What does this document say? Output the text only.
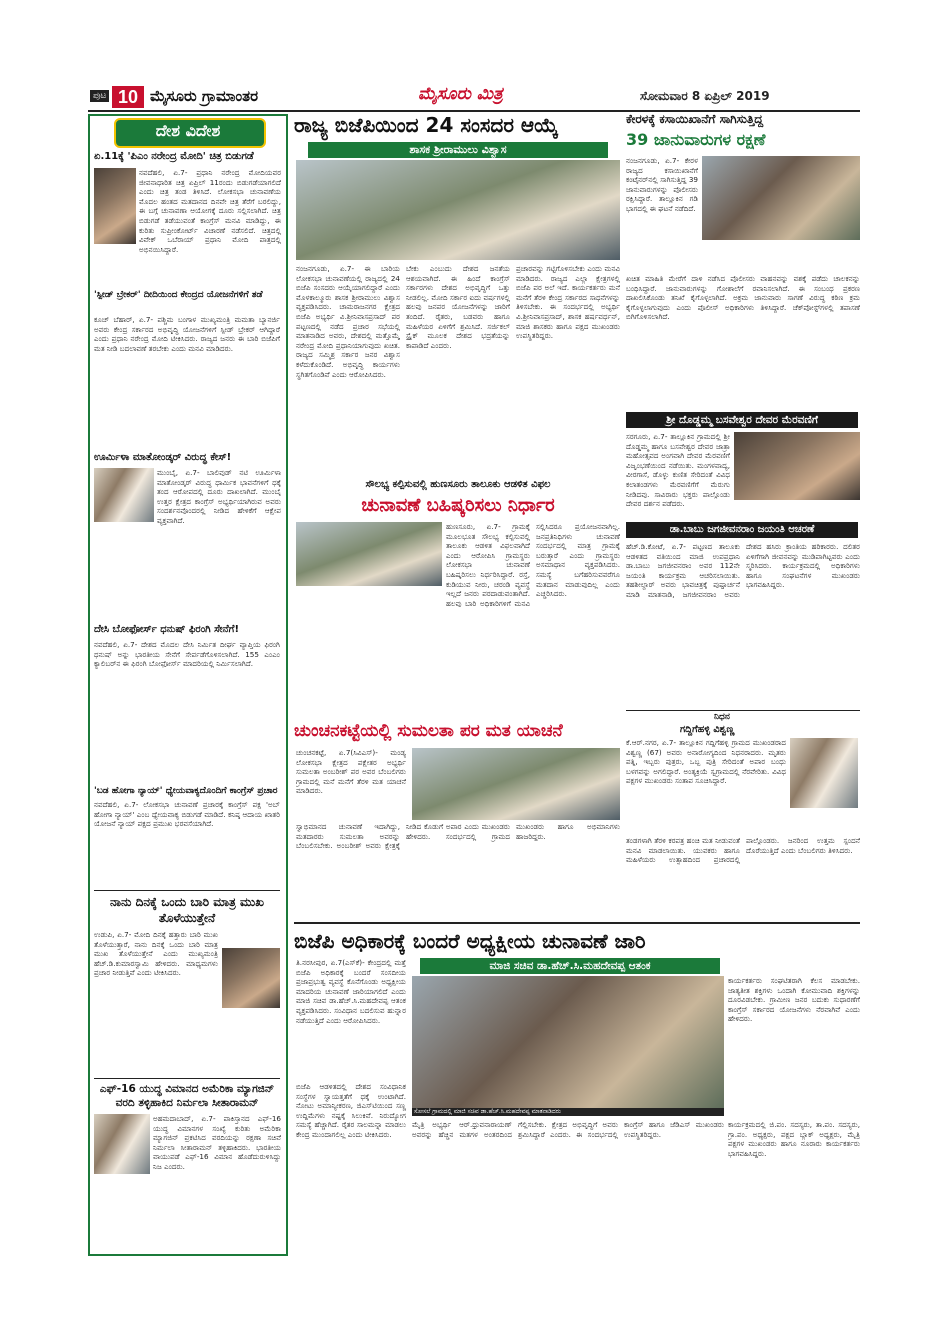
ಪುಟ 10 ಮೈಸೂರು ಗ್ರಾಮಾಂತರ	ಮೈಸೂರು ಮಿತ್ರ	ಸೋಮವಾರ 8 ಏಪ್ರಿಲ್ 2019
ದೇಶ ವಿದೇಶ
ಏ.11ಕ್ಕೆ 'ಪಿಎಂ ನರೇಂದ್ರ ಮೋದಿ' ಚಿತ್ರ ಬಿಡುಗಡೆ
ನವದೆಹಲಿ, ಏ.7- ಪ್ರಧಾನಿ ನರೇಂದ್ರ ಮೋದಿಯವರ ಜೀವನಾಧಾರಿತ ಚಿತ್ರ ಏಪ್ರಿಲ್ 11ರಂದು ಬಿಡುಗಡೆಯಾಗಲಿದೆ ಎಂದು ಚಿತ್ರ ತಂಡ ತಿಳಿಸಿದೆ. ಲೋಕಸಭಾ ಚುನಾವಣೆಯ ಮೊದಲ ಹಂತದ ಮತದಾನದ ದಿನವೇ ಚಿತ್ರ ತೆರೆಗೆ ಬರಲಿದ್ದು, ಈ ಬಗ್ಗೆ ಚುನಾವಣಾ ಆಯೋಗಕ್ಕೆ ದೂರು ಸಲ್ಲಿಸಲಾಗಿದೆ. ಚಿತ್ರ ಬಿಡುಗಡೆ ತಡೆಯುವಂತೆ ಕಾಂಗ್ರೆಸ್ ಮನವಿ ಮಾಡಿದ್ದು, ಈ ಕುರಿತು ಸುಪ್ರೀಂಕೋರ್ಟ್ ವಿಚಾರಣೆ ನಡೆಸಲಿದೆ. ಚಿತ್ರದಲ್ಲಿ ವಿವೇಕ್ ಒಬೆರಾಯ್ ಪ್ರಧಾನಿ ಮೋದಿ ಪಾತ್ರದಲ್ಲಿ ಅಭಿನಯಿಸಿದ್ದಾರೆ.
'ಸ್ಪೀಡ್ ಬ್ರೇಕರ್' ದೀದಿಯಿಂದ ಕೇಂದ್ರದ ಯೋಜನೆಗಳಿಗೆ ತಡೆ
ಕೂಚ್ ಬೆಹಾರ್, ಏ.7- ಪಶ್ಚಿಮ ಬಂಗಾಳ ಮುಖ್ಯಮಂತ್ರಿ ಮಮತಾ ಬ್ಯಾನರ್ಜಿ ಅವರು ಕೇಂದ್ರ ಸರ್ಕಾರದ ಅಭಿವೃದ್ಧಿ ಯೋಜನೆಗಳಿಗೆ ಸ್ಪೀಡ್ ಬ್ರೇಕರ್ ಆಗಿದ್ದಾರೆ ಎಂದು ಪ್ರಧಾನಿ ನರೇಂದ್ರ ಮೋದಿ ಟೀಕಿಸಿದರು. ರಾಜ್ಯದ ಜನರು ಈ ಬಾರಿ ಬಿಜೆಪಿಗೆ ಮತ ನೀಡಿ ಬದಲಾವಣೆ ತರಬೇಕು ಎಂದು ಮನವಿ ಮಾಡಿದರು.
ಊರ್ಮಿಳಾ ಮಾತೋಂಡ್ಕರ್ ವಿರುದ್ಧ ಕೇಸ್!
ಮುಂಬೈ, ಏ.7- ಬಾಲಿವುಡ್ ನಟಿ ಊರ್ಮಿಳಾ ಮಾತೋಂಡ್ಕರ್ ವಿರುದ್ಧ ಧಾರ್ಮಿಕ ಭಾವನೆಗಳಿಗೆ ಧಕ್ಕೆ ತಂದ ಆರೋಪದಲ್ಲಿ ದೂರು ದಾಖಲಾಗಿದೆ. ಮುಂಬೈ ಉತ್ತರ ಕ್ಷೇತ್ರದ ಕಾಂಗ್ರೆಸ್ ಅಭ್ಯರ್ಥಿಯಾಗಿರುವ ಅವರು ಸಂದರ್ಶನವೊಂದರಲ್ಲಿ ನೀಡಿದ ಹೇಳಿಕೆಗೆ ಆಕ್ಷೇಪ ವ್ಯಕ್ತವಾಗಿದೆ.
ದೇಸಿ ಬೋಫೋರ್ಸ್ ಧನುಷ್ ಫಿರಂಗಿ ಸೇನೆಗೆ!
ನವದೆಹಲಿ, ಏ.7- ದೇಶದ ಮೊದಲ ದೇಸಿ ನಿರ್ಮಿತ ದೀರ್ಘ ವ್ಯಾಪ್ತಿಯ ಫಿರಂಗಿ ಧನುಷ್ ಅನ್ನು ಭಾರತೀಯ ಸೇನೆಗೆ ಸೇರ್ಪಡೆಗೊಳಿಸಲಾಗಿದೆ. 155 ಎಂಎಂ ಕ್ಯಾಲಿಬರ್‌ನ ಈ ಫಿರಂಗಿ ಬೋಫೋರ್ಸ್ ಮಾದರಿಯಲ್ಲಿ ನಿರ್ಮಿಸಲಾಗಿದೆ.
'ಬಡ ಹೋಗಾ ನ್ಯಾಯ್' ಧ್ಯೇಯವಾಕ್ಯದೊಂದಿಗೆ ಕಾಂಗ್ರೆಸ್ ಪ್ರಚಾರ
ನವದೆಹಲಿ, ಏ.7- ಲೋಕಸಭಾ ಚುನಾವಣೆ ಪ್ರಚಾರಕ್ಕೆ ಕಾಂಗ್ರೆಸ್ ಪಕ್ಷ 'ಅಬ್ ಹೋಗಾ ನ್ಯಾಯ್' ಎಂಬ ಧ್ಯೇಯವಾಕ್ಯ ಬಿಡುಗಡೆ ಮಾಡಿದೆ. ಕನಿಷ್ಠ ಆದಾಯ ಖಾತರಿ ಯೋಜನೆ ನ್ಯಾಯ್ ಪಕ್ಷದ ಪ್ರಮುಖ ಭರವಸೆಯಾಗಿದೆ.
ನಾನು ದಿನಕ್ಕೆ ಒಂದು ಬಾರಿ ಮಾತ್ರ ಮುಖ ತೊಳೆಯುತ್ತೇನೆ
ಉಡುಪಿ, ಏ.7- ಮೋದಿ ದಿನಕ್ಕೆ ಹತ್ತಾರು ಬಾರಿ ಮುಖ ತೊಳೆಯುತ್ತಾರೆ, ನಾನು ದಿನಕ್ಕೆ ಒಂದು ಬಾರಿ ಮಾತ್ರ ಮುಖ ತೊಳೆಯುತ್ತೇನೆ ಎಂದು ಮುಖ್ಯಮಂತ್ರಿ ಹೆಚ್.ಡಿ.ಕುಮಾರಸ್ವಾಮಿ ಹೇಳಿದರು. ಮಾಧ್ಯಮಗಳು ಪ್ರಚಾರ ನೀಡುತ್ತಿವೆ ಎಂದು ಟೀಕಿಸಿದರು.
ಎಫ್-16 ಯುದ್ಧ ವಿಮಾನದ ಅಮೆರಿಕಾ ಮ್ಯಾಗಜಿನ್ ವರದಿ ತಳ್ಳಿಹಾಕಿದ ನಿರ್ಮಲಾ ಸೀತಾರಾಮನ್
ಅಹಮದಾಬಾದ್, ಏ.7- ಪಾಕಿಸ್ತಾನದ ಎಫ್-16 ಯುದ್ಧ ವಿಮಾನಗಳ ಸಂಖ್ಯೆ ಕುರಿತು ಅಮೆರಿಕಾ ಮ್ಯಾಗಜಿನ್ ಪ್ರಕಟಿಸಿದ ವರದಿಯನ್ನು ರಕ್ಷಣಾ ಸಚಿವೆ ನಿರ್ಮಲಾ ಸೀತಾರಾಮನ್ ತಳ್ಳಿಹಾಕಿದರು. ಭಾರತೀಯ ವಾಯುಪಡೆ ಎಫ್-16 ವಿಮಾನ ಹೊಡೆದುರುಳಿಸಿದ್ದು ನಿಜ ಎಂದರು.
ರಾಜ್ಯ ಬಿಜೆಪಿಯಿಂದ 24 ಸಂಸದರ ಆಯ್ಕೆ
ಶಾಸಕ ಶ್ರೀರಾಮುಲು ವಿಶ್ವಾಸ
ನಂಜನಗೂಡು, ಏ.7- ಈ ಬಾರಿಯ ಲೋಕಸಭಾ ಚುನಾವಣೆಯಲ್ಲಿ ರಾಜ್ಯದಲ್ಲಿ 24 ಬಿಜೆಪಿ ಸಂಸದರು ಆಯ್ಕೆಯಾಗಲಿದ್ದಾರೆ ಎಂದು ಮೊಳಕಾಲ್ಮೂರು ಶಾಸಕ ಶ್ರೀರಾಮುಲು ವಿಶ್ವಾಸ ವ್ಯಕ್ತಪಡಿಸಿದರು. ಚಾಮರಾಜನಗರ ಕ್ಷೇತ್ರದ ಬಿಜೆಪಿ ಅಭ್ಯರ್ಥಿ ವಿ.ಶ್ರೀನಿವಾಸಪ್ರಸಾದ್ ಪರ ಪಟ್ಟಣದಲ್ಲಿ ನಡೆದ ಪ್ರಚಾರ ಸಭೆಯಲ್ಲಿ ಮಾತನಾಡಿದ ಅವರು, ದೇಶದಲ್ಲಿ ಮತ್ತೊಮ್ಮೆ ನರೇಂದ್ರ ಮೋದಿ ಪ್ರಧಾನಿಯಾಗುವುದು ಖಚಿತ. ರಾಜ್ಯದ ಸಮ್ಮಿಶ್ರ ಸರ್ಕಾರ ಜನರ ವಿಶ್ವಾಸ ಕಳೆದುಕೊಂಡಿದೆ. ಅಭಿವೃದ್ಧಿ ಕಾರ್ಯಗಳು ಸ್ಥಗಿತಗೊಂಡಿವೆ ಎಂದು ಆರೋಪಿಸಿದರು.
ಬೇಕು ಎಂಬುದು ದೇಶದ ಜನತೆಯ ಆಶಯವಾಗಿದೆ. ಈ ಹಿಂದೆ ಕಾಂಗ್ರೆಸ್ ಸರ್ಕಾರಗಳು ದೇಶದ ಅಭಿವೃದ್ಧಿಗೆ ಒತ್ತು ನೀಡಲಿಲ್ಲ. ಮೋದಿ ಸರ್ಕಾರ ಐದು ವರ್ಷಗಳಲ್ಲಿ ಹಲವು ಜನಪರ ಯೋಜನೆಗಳನ್ನು ಜಾರಿಗೆ ತಂದಿದೆ. ರೈತರು, ಬಡವರು ಹಾಗೂ ಮಹಿಳೆಯರ ಏಳಿಗೆಗೆ ಶ್ರಮಿಸಿದೆ. ಸರ್ಜಿಕಲ್ ಸ್ಟ್ರೈಕ್ ಮೂಲಕ ದೇಶದ ಭದ್ರತೆಯನ್ನು ಕಾಪಾಡಿದೆ ಎಂದರು.
ಪ್ರಚಾರವನ್ನು ಗಟ್ಟಿಗೊಳಿಸಬೇಕು ಎಂದು ಮನವಿ ಮಾಡಿದರು. ರಾಜ್ಯದ ಎಲ್ಲಾ ಕ್ಷೇತ್ರಗಳಲ್ಲಿ ಬಿಜೆಪಿ ಪರ ಅಲೆ ಇದೆ. ಕಾರ್ಯಕರ್ತರು ಮನೆ ಮನೆಗೆ ತೆರಳಿ ಕೇಂದ್ರ ಸರ್ಕಾರದ ಸಾಧನೆಗಳನ್ನು ತಿಳಿಸಬೇಕು. ಈ ಸಂದರ್ಭದಲ್ಲಿ ಅಭ್ಯರ್ಥಿ ವಿ.ಶ್ರೀನಿವಾಸಪ್ರಸಾದ್, ಶಾಸಕ ಹರ್ಷವರ್ಧನ್, ಮಾಜಿ ಶಾಸಕರು ಹಾಗೂ ಪಕ್ಷದ ಮುಖಂಡರು ಉಪಸ್ಥಿತರಿದ್ದರು.
ಕೇರಳಕ್ಕೆ ಕಸಾಯಿಖಾನೆಗೆ ಸಾಗಿಸುತ್ತಿದ್ದ
39 ಜಾನುವಾರುಗಳ ರಕ್ಷಣೆ
ನಂಜನಗೂಡು, ಏ.7- ಕೇರಳ ರಾಜ್ಯದ ಕಸಾಯಿಖಾನೆಗೆ ಕಂಟೈನರ್‌ನಲ್ಲಿ ಸಾಗಿಸುತ್ತಿದ್ದ 39 ಜಾನುವಾರುಗಳನ್ನು ಪೊಲೀಸರು ರಕ್ಷಿಸಿದ್ದಾರೆ. ತಾಲ್ಲೂಕಿನ ಗಡಿ ಭಾಗದಲ್ಲಿ ಈ ಘಟನೆ ನಡೆದಿದೆ.
ಖಚಿತ ಮಾಹಿತಿ ಮೇರೆಗೆ ದಾಳಿ ನಡೆಸಿದ ಪೊಲೀಸರು ವಾಹನವನ್ನು ವಶಕ್ಕೆ ಪಡೆದು ಚಾಲಕನನ್ನು ಬಂಧಿಸಿದ್ದಾರೆ. ಜಾನುವಾರುಗಳನ್ನು ಗೋಶಾಲೆಗೆ ರವಾನಿಸಲಾಗಿದೆ. ಈ ಸಂಬಂಧ ಪ್ರಕರಣ ದಾಖಲಿಸಿಕೊಂಡು ತನಿಖೆ ಕೈಗೊಳ್ಳಲಾಗಿದೆ. ಅಕ್ರಮ ಜಾನುವಾರು ಸಾಗಣೆ ವಿರುದ್ಧ ಕಠಿಣ ಕ್ರಮ ಕೈಗೊಳ್ಳಲಾಗುವುದು ಎಂದು ಪೊಲೀಸ್ ಅಧಿಕಾರಿಗಳು ತಿಳಿಸಿದ್ದಾರೆ. ಚೆಕ್‌ಪೋಸ್ಟ್‌ಗಳಲ್ಲಿ ತಪಾಸಣೆ ಬಿಗಿಗೊಳಿಸಲಾಗಿದೆ.
ಶ್ರೀ ದೊಡ್ಡಮ್ಮ ಬಸವೇಶ್ವರ ದೇವರ ಮೆರವಣಿಗೆ
ಸರಗೂರು, ಏ.7- ತಾಲ್ಲೂಕಿನ ಗ್ರಾಮದಲ್ಲಿ ಶ್ರೀ ದೊಡ್ಡಮ್ಮ ಹಾಗೂ ಬಸವೇಶ್ವರ ದೇವರ ಜಾತ್ರಾ ಮಹೋತ್ಸವದ ಅಂಗವಾಗಿ ದೇವರ ಮೆರವಣಿಗೆ ವಿಜೃಂಭಣೆಯಿಂದ ನಡೆಯಿತು. ಮಂಗಳವಾದ್ಯ, ವೀರಗಾಸೆ, ಡೊಳ್ಳು ಕುಣಿತ ಸೇರಿದಂತೆ ವಿವಿಧ ಕಲಾತಂಡಗಳು ಮೆರವಣಿಗೆಗೆ ಮೆರುಗು ನೀಡಿದವು. ಸಾವಿರಾರು ಭಕ್ತರು ಪಾಲ್ಗೊಂಡು ದೇವರ ದರ್ಶನ ಪಡೆದರು.
ಸೌಲಭ್ಯ ಕಲ್ಪಿಸುವಲ್ಲಿ ಹುಣಸೂರು ತಾಲೂಕು ಆಡಳಿತ ವಿಫಲ
ಚುನಾವಣೆ ಬಹಿಷ್ಕರಿಸಲು ನಿರ್ಧಾರ
ಹುಣಸೂರು, ಏ.7- ಗ್ರಾಮಕ್ಕೆ ಮೂಲಭೂತ ಸೌಲಭ್ಯ ಕಲ್ಪಿಸುವಲ್ಲಿ ತಾಲೂಕು ಆಡಳಿತ ವಿಫಲವಾಗಿದೆ ಎಂದು ಆರೋಪಿಸಿ ಗ್ರಾಮಸ್ಥರು ಲೋಕಸಭಾ ಚುನಾವಣೆ ಬಹಿಷ್ಕರಿಸಲು ನಿರ್ಧರಿಸಿದ್ದಾರೆ. ರಸ್ತೆ, ಕುಡಿಯುವ ನೀರು, ಚರಂಡಿ ವ್ಯವಸ್ಥೆ ಇಲ್ಲದೆ ಜನರು ಪರದಾಡುವಂತಾಗಿದೆ. ಹಲವು ಬಾರಿ ಅಧಿಕಾರಿಗಳಿಗೆ ಮನವಿ ಸಲ್ಲಿಸಿದರೂ ಪ್ರಯೋಜನವಾಗಿಲ್ಲ. ಜನಪ್ರತಿನಿಧಿಗಳು ಚುನಾವಣೆ ಸಂದರ್ಭದಲ್ಲಿ ಮಾತ್ರ ಗ್ರಾಮಕ್ಕೆ ಬರುತ್ತಾರೆ ಎಂದು ಗ್ರಾಮಸ್ಥರು ಅಸಮಾಧಾನ ವ್ಯಕ್ತಪಡಿಸಿದರು. ಸಮಸ್ಯೆ ಬಗೆಹರಿಸುವವರೆಗೂ ಮತದಾನ ಮಾಡುವುದಿಲ್ಲ ಎಂದು ಎಚ್ಚರಿಸಿದರು.
ಡಾ.ಬಾಬು ಜಗಜೀವನರಾಂ ಜಯಂತಿ ಆಚರಣೆ
ಹೆಚ್.ಡಿ.ಕೋಟೆ, ಏ.7- ಪಟ್ಟಣದ ತಾಲೂಕು ಆಡಳಿತದ ವತಿಯಿಂದ ಮಾಜಿ ಉಪಪ್ರಧಾನಿ ಡಾ.ಬಾಬು ಜಗಜೀವನರಾಂ ಅವರ 112ನೇ ಜಯಂತಿ ಕಾರ್ಯಕ್ರಮ ಆಚರಿಸಲಾಯಿತು. ತಹಶೀಲ್ದಾರ್ ಅವರು ಭಾವಚಿತ್ರಕ್ಕೆ ಪುಷ್ಪಾರ್ಚನೆ ಮಾಡಿ ಮಾತನಾಡಿ, ಜಗಜೀವನರಾಂ ಅವರು ದೇಶದ ಹಸಿರು ಕ್ರಾಂತಿಯ ಹರಿಕಾರರು. ದಲಿತರ ಏಳಿಗೆಗಾಗಿ ಜೀವನವನ್ನು ಮುಡಿಪಾಗಿಟ್ಟವರು ಎಂದು ಸ್ಮರಿಸಿದರು. ಕಾರ್ಯಕ್ರಮದಲ್ಲಿ ಅಧಿಕಾರಿಗಳು ಹಾಗೂ ಸಂಘಟನೆಗಳ ಮುಖಂಡರು ಭಾಗವಹಿಸಿದ್ದರು.
ನಿಧನ
ಗದ್ದಿಗೆಹಳ್ಳಿ ವಿಶ್ವಣ್ಣ
ಕೆ.ಆರ್.ನಗರ, ಏ.7- ತಾಲ್ಲೂಕಿನ ಗದ್ದಿಗೆಹಳ್ಳಿ ಗ್ರಾಮದ ಮುಖಂಡರಾದ ವಿಶ್ವಣ್ಣ (67) ಅವರು ಅನಾರೋಗ್ಯದಿಂದ ನಿಧನರಾದರು. ಮೃತರು ಪತ್ನಿ, ಇಬ್ಬರು ಪುತ್ರರು, ಒಬ್ಬ ಪುತ್ರಿ ಸೇರಿದಂತೆ ಅಪಾರ ಬಂಧು ಬಳಗವನ್ನು ಅಗಲಿದ್ದಾರೆ. ಅಂತ್ಯಕ್ರಿಯೆ ಸ್ವಗ್ರಾಮದಲ್ಲಿ ನೆರವೇರಿತು. ವಿವಿಧ ಪಕ್ಷಗಳ ಮುಖಂಡರು ಸಂತಾಪ ಸೂಚಿಸಿದ್ದಾರೆ.
ಚುಂಚನಕಟ್ಟೆಯಲ್ಲಿ ಸುಮಲತಾ ಪರ ಮತ ಯಾಚನೆ
ಚುಂಚನಕಟ್ಟೆ, ಏ.7(ಸಿವಿಎಸ್)- ಮಂಡ್ಯ ಲೋಕಸಭಾ ಕ್ಷೇತ್ರದ ಪಕ್ಷೇತರ ಅಭ್ಯರ್ಥಿ ಸುಮಲತಾ ಅಂಬರೀಶ್ ಪರ ಅವರ ಬೆಂಬಲಿಗರು ಗ್ರಾಮದಲ್ಲಿ ಮನೆ ಮನೆಗೆ ತೆರಳಿ ಮತ ಯಾಚನೆ ಮಾಡಿದರು.
ಸ್ವಾಭಿಮಾನದ ಚುನಾವಣೆ ಇದಾಗಿದ್ದು, ಮತದಾರರು ಸುಮಲತಾ ಅವರನ್ನು ಬೆಂಬಲಿಸಬೇಕು. ಅಂಬರೀಶ್ ಅವರು ಕ್ಷೇತ್ರಕ್ಕೆ ನೀಡಿದ ಕೊಡುಗೆ ಅಪಾರ ಎಂದು ಮುಖಂಡರು ಹೇಳಿದರು. ಸಂದರ್ಭದಲ್ಲಿ ಗ್ರಾಮದ ಮುಖಂಡರು ಹಾಗೂ ಅಭಿಮಾನಿಗಳು ಹಾಜರಿದ್ದರು.	ತಂಡಗಳಾಗಿ ತೆರಳಿ ಕರಪತ್ರ ಹಂಚಿ ಮತ ನೀಡುವಂತೆ ಮನವಿ ಮಾಡಲಾಯಿತು. ಯುವಕರು ಹಾಗೂ ಮಹಿಳೆಯರು ಉತ್ಸಾಹದಿಂದ ಪ್ರಚಾರದಲ್ಲಿ ಪಾಲ್ಗೊಂಡರು. ಜನರಿಂದ ಉತ್ತಮ ಸ್ಪಂದನೆ ದೊರೆಯುತ್ತಿದೆ ಎಂದು ಬೆಂಬಲಿಗರು ತಿಳಿಸಿದರು.
ಬಿಜೆಪಿ ಅಧಿಕಾರಕ್ಕೆ ಬಂದರೆ ಅಧ್ಯಕ್ಷೀಯ ಚುನಾವಣೆ ಜಾರಿ
ಮಾಜಿ ಸಚಿವ ಡಾ.ಹೆಚ್.ಸಿ.ಮಹದೇವಪ್ಪ ಆತಂಕ
ತಿ.ನರಸೀಪುರ, ಏ.7(ಎಸ್‌ಕೆ)- ಕೇಂದ್ರದಲ್ಲಿ ಮತ್ತೆ ಬಿಜೆಪಿ ಅಧಿಕಾರಕ್ಕೆ ಬಂದರೆ ಸಂಸದೀಯ ಪ್ರಜಾಪ್ರಭುತ್ವ ವ್ಯವಸ್ಥೆ ಕೊನೆಗೊಂಡು ಅಧ್ಯಕ್ಷೀಯ ಮಾದರಿಯ ಚುನಾವಣೆ ಜಾರಿಯಾಗಲಿದೆ ಎಂದು ಮಾಜಿ ಸಚಿವ ಡಾ.ಹೆಚ್.ಸಿ.ಮಹದೇವಪ್ಪ ಆತಂಕ ವ್ಯಕ್ತಪಡಿಸಿದರು. ಸಂವಿಧಾನ ಬದಲಿಸುವ ಹುನ್ನಾರ ನಡೆಯುತ್ತಿದೆ ಎಂದು ಆರೋಪಿಸಿದರು.
ಸೋಸಲೆ ಗ್ರಾಮದಲ್ಲಿ ಮಾಜಿ ಸಚಿವ ಡಾ.ಹೆಚ್.ಸಿ.ಮಹದೇವಪ್ಪ ಮಾತನಾಡಿದರು
ಕಾರ್ಯಕರ್ತರು ಸಂಘಟಿತರಾಗಿ ಕೆಲಸ ಮಾಡಬೇಕು. ಜಾತ್ಯತೀತ ಶಕ್ತಿಗಳು ಒಂದಾಗಿ ಕೋಮುವಾದಿ ಶಕ್ತಿಗಳನ್ನು ದೂರವಿಡಬೇಕು. ಗ್ರಾಮೀಣ ಜನರ ಬದುಕು ಸುಧಾರಣೆಗೆ ಕಾಂಗ್ರೆಸ್ ಸರ್ಕಾರದ ಯೋಜನೆಗಳು ನೆರವಾಗಿವೆ ಎಂದು ಹೇಳಿದರು.
ಬಿಜೆಪಿ ಆಡಳಿತದಲ್ಲಿ ದೇಶದ ಸಂವಿಧಾನಿಕ ಸಂಸ್ಥೆಗಳ ಸ್ವಾಯತ್ತತೆಗೆ ಧಕ್ಕೆ ಉಂಟಾಗಿದೆ. ನೋಟು ಅಮಾನ್ಯೀಕರಣ, ಜಿಎಸ್‌ಟಿಯಿಂದ ಸಣ್ಣ ಉದ್ದಿಮೆಗಳು ನಷ್ಟಕ್ಕೆ ಸಿಲುಕಿವೆ. ನಿರುದ್ಯೋಗ ಸಮಸ್ಯೆ ಹೆಚ್ಚಾಗಿದೆ. ರೈತರ ಸಾಲಮನ್ನಾ ಮಾಡಲು ಕೇಂದ್ರ ಮುಂದಾಗಲಿಲ್ಲ ಎಂದು ಟೀಕಿಸಿದರು.
ಮೈತ್ರಿ ಅಭ್ಯರ್ಥಿ ಆರ್.ಧ್ರುವನಾರಾಯಣ್ ಅವರನ್ನು ಹೆಚ್ಚಿನ ಮತಗಳ ಅಂತರದಿಂದ ಗೆಲ್ಲಿಸಬೇಕು. ಕ್ಷೇತ್ರದ ಅಭಿವೃದ್ಧಿಗೆ ಅವರು ಶ್ರಮಿಸಿದ್ದಾರೆ ಎಂದರು. ಈ ಸಂದರ್ಭದಲ್ಲಿ ಕಾಂಗ್ರೆಸ್ ಹಾಗೂ ಜೆಡಿಎಸ್ ಮುಖಂಡರು ಉಪಸ್ಥಿತರಿದ್ದರು.
ಕಾರ್ಯಕ್ರಮದಲ್ಲಿ ಜಿ.ಪಂ. ಸದಸ್ಯರು, ತಾ.ಪಂ. ಸದಸ್ಯರು, ಗ್ರಾ.ಪಂ. ಅಧ್ಯಕ್ಷರು, ಪಕ್ಷದ ಬ್ಲಾಕ್ ಅಧ್ಯಕ್ಷರು, ಮೈತ್ರಿ ಪಕ್ಷಗಳ ಮುಖಂಡರು ಹಾಗೂ ನೂರಾರು ಕಾರ್ಯಕರ್ತರು ಭಾಗವಹಿಸಿದ್ದರು.
